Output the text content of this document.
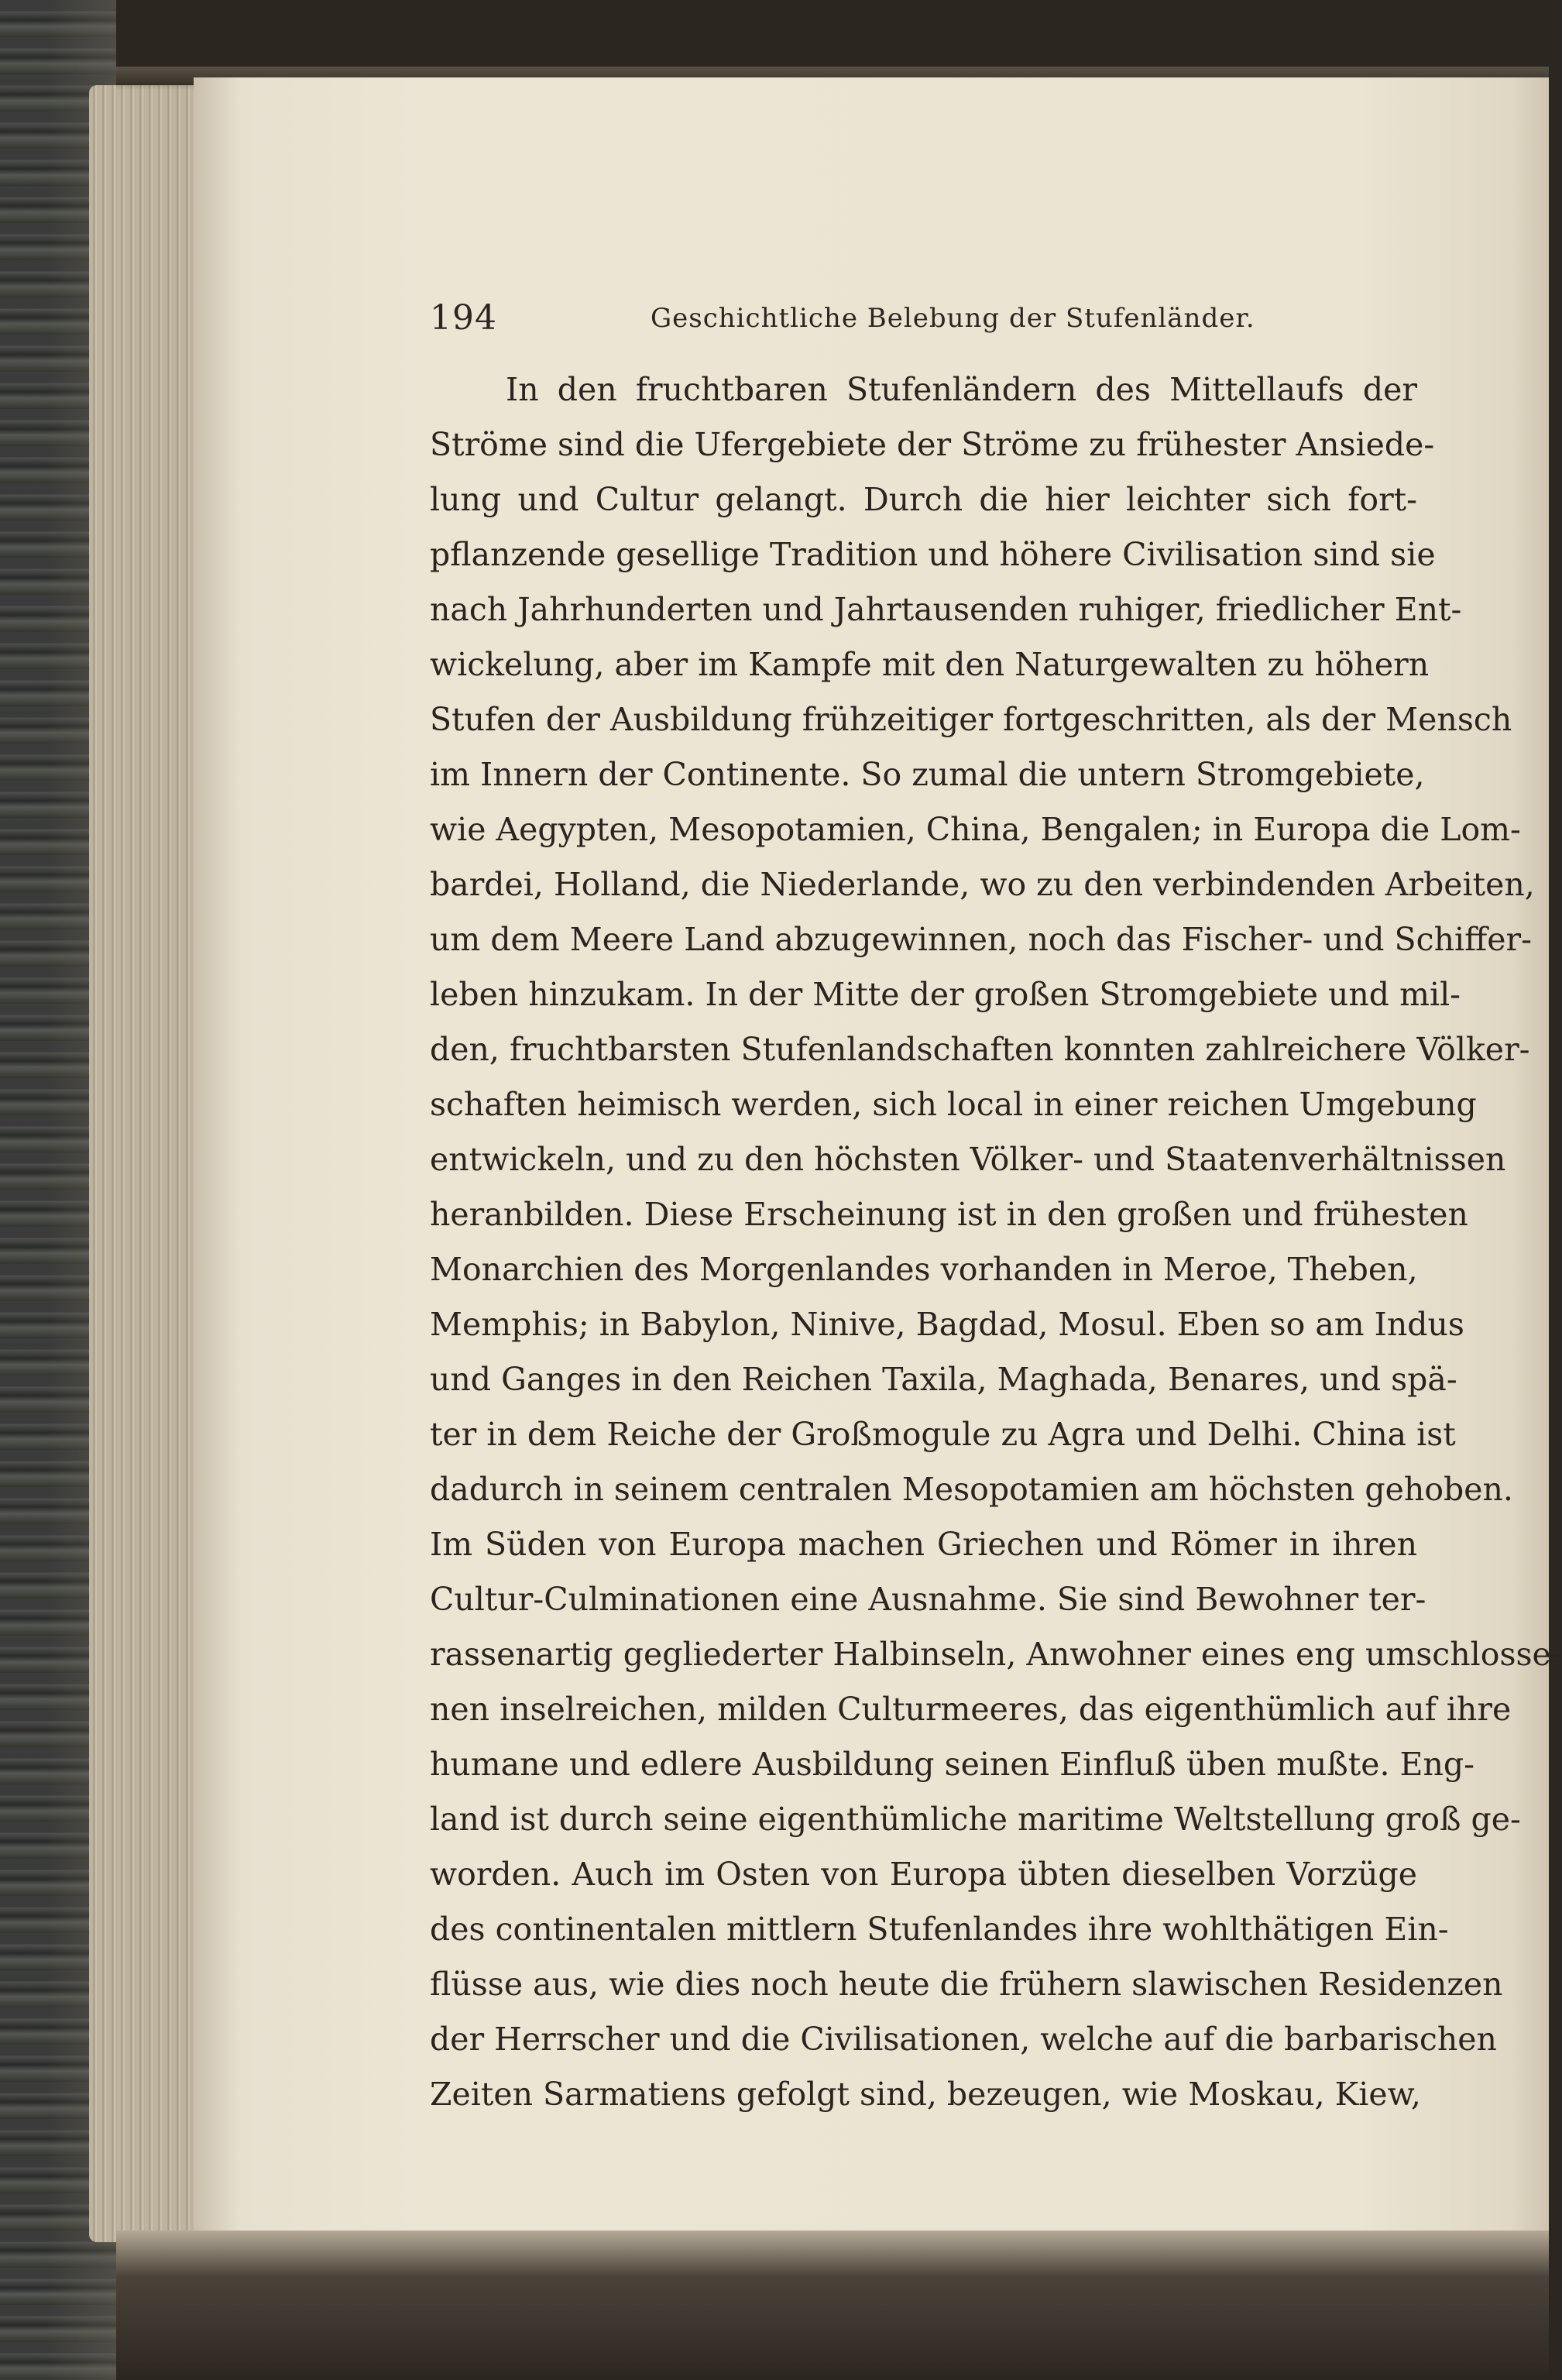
194	Geschichtliche Belebung der Stufenländer.
In den fruchtbaren Stufenländern des Mittellaufs der
Ströme sind die Ufergebiete der Ströme zu frühester Ansiede-
lung und Cultur gelangt. Durch die hier leichter sich fort-
pflanzende gesellige Tradition und höhere Civilisation sind sie
nach Jahrhunderten und Jahrtausenden ruhiger, friedlicher Ent-
wickelung, aber im Kampfe mit den Naturgewalten zu höhern
Stufen der Ausbildung frühzeitiger fortgeschritten, als der Mensch
im Innern der Continente. So zumal die untern Stromgebiete,
wie Aegypten, Mesopotamien, China, Bengalen; in Europa die Lom-
bardei, Holland, die Niederlande, wo zu den verbindenden Arbeiten,
um dem Meere Land abzugewinnen, noch das Fischer- und Schiffer-
leben hinzukam. In der Mitte der großen Stromgebiete und mil-
den, fruchtbarsten Stufenlandschaften konnten zahlreichere Völker-
schaften heimisch werden, sich local in einer reichen Umgebung
entwickeln, und zu den höchsten Völker- und Staatenverhältnissen
heranbilden. Diese Erscheinung ist in den großen und frühesten
Monarchien des Morgenlandes vorhanden in Meroe, Theben,
Memphis; in Babylon, Ninive, Bagdad, Mosul. Eben so am Indus
und Ganges in den Reichen Taxila, Maghada, Benares, und spä-
ter in dem Reiche der Großmogule zu Agra und Delhi. China ist
dadurch in seinem centralen Mesopotamien am höchsten gehoben.
Im Süden von Europa machen Griechen und Römer in ihren
Cultur-Culminationen eine Ausnahme. Sie sind Bewohner ter-
rassenartig gegliederter Halbinseln, Anwohner eines eng umschlosse-
nen inselreichen, milden Culturmeeres, das eigenthümlich auf ihre
humane und edlere Ausbildung seinen Einfluß üben mußte. Eng-
land ist durch seine eigenthümliche maritime Weltstellung groß ge-
worden. Auch im Osten von Europa übten dieselben Vorzüge
des continentalen mittlern Stufenlandes ihre wohlthätigen Ein-
flüsse aus, wie dies noch heute die frühern slawischen Residenzen
der Herrscher und die Civilisationen, welche auf die barbarischen
Zeiten Sarmatiens gefolgt sind, bezeugen, wie Moskau, Kiew,
